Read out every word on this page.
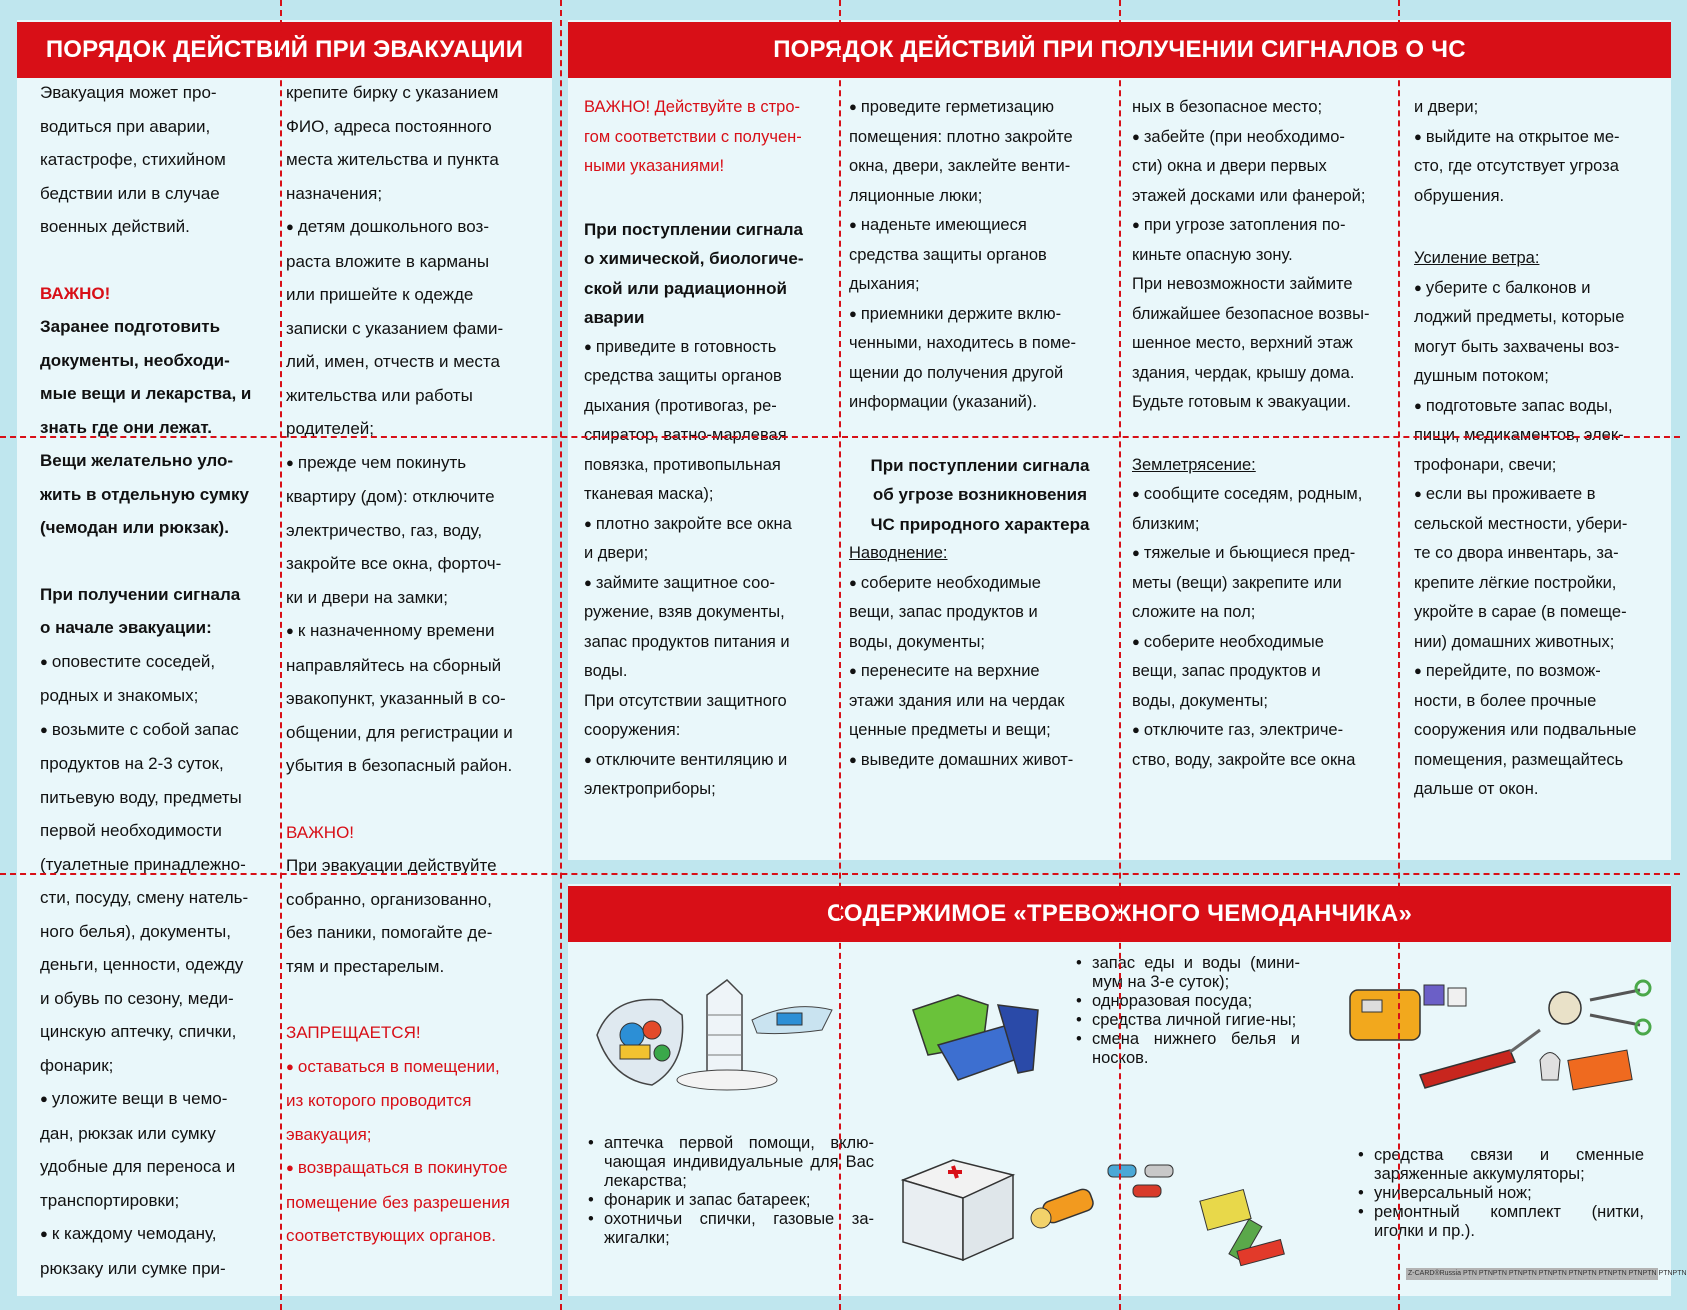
ПОРЯДОК ДЕЙСТВИЙ ПРИ ЭВАКУАЦИИ	ПОРЯДОК ДЕЙСТВИЙ ПРИ ПОЛУЧЕНИИ СИГНАЛОВ О ЧС
СОДЕРЖИМОЕ «ТРЕВОЖНОГО ЧЕМОДАНЧИКА»

Эвакуация может про-

водиться при аварии,

катастрофе, стихийном

бедствии или в случае

военных действий.

ВАЖНО!

Заранее подготовить

документы, необходи-

мые вещи и лекарства, и

знать где они лежат.

Вещи желательно уло-

жить в отдельную сумку

(чемодан или рюкзак).

При получении сигнала

о начале эвакуации:

● оповестите соседей,

родных и знакомых;

● возьмите с собой запас

продуктов на 2-3 суток,

питьевую воду, предметы

первой необходимости

(туалетные принадлежно-

сти, посуду, смену натель-

ного белья), документы,

деньги, ценности, одежду

и обувь по сезону, меди-

цинскую аптечку, спички,

фонарик;

● уложите вещи в чемо-

дан, рюкзак или сумку

удобные для переноса и

транспортировки;

● к каждому чемодану,

рюкзаку или сумке при-

крепите бирку с указанием

ФИО, адреса постоянного

места жительства и пункта

назначения;

● детям дошкольного воз-

раста вложите в карманы

или пришейте к одежде

записки с указанием фами-

лий, имен, отчеств и места

жительства или работы

родителей;

● прежде чем покинуть

квартиру (дом): отключите

электричество, газ, воду,

закройте все окна, форточ-

ки и двери на замки;

● к назначенному времени

направляйтесь на сборный

эвакопункт, указанный в со-

общении, для регистрации и

убытия в безопасный район.

ВАЖНО!

При эвакуации действуйте

собранно, организованно,

без паники, помогайте де-

тям и престарелым.

ЗАПРЕЩАЕТСЯ!

● оставаться в помещении,

из которого проводится

эвакуация;

● возвращаться в покинутое

помещение без разрешения

соответствующих органов.

ВАЖНО! Действуйте в стро-

гом соответствии с получен-

ными указаниями!

При поступлении сигнала

о химической, биологиче-

ской или радиационной

аварии

● приведите в готовность

средства защиты органов

дыхания (противогаз, ре-

спиратор, ватно-марлевая

повязка, противопыльная

тканевая маска);

● плотно закройте все окна

и двери;

● займите защитное соо-

ружение, взяв документы,

запас продуктов питания и

воды.

При отсутствии защитного

сооружения:

● отключите вентиляцию и

электроприборы;

● проведите герметизацию

помещения: плотно закройте

окна, двери, заклейте венти-

ляционные люки;

● наденьте имеющиеся

средства защиты органов

дыхания;

● приемники держите вклю-

ченными, находитесь в поме-

щении до получения другой

информации (указаний).

При поступлении сигнала

об угрозе возникновения

ЧС природного характера

Наводнение:

● соберите необходимые

вещи, запас продуктов и

воды, документы;

● перенесите на верхние

этажи здания или на чердак

ценные предметы и вещи;

● выведите домашних живот-

ных в безопасное место;

● забейте (при необходимо-

сти) окна и двери первых

этажей досками или фанерой;

● при угрозе затопления по-

киньте опасную зону.

При невозможности займите

ближайшее безопасное возвы-

шенное место, верхний этаж

здания, чердак, крышу дома.

Будьте готовым к эвакуации.

Землетрясение:

● сообщите соседям, родным,

близким;

● тяжелые и бьющиеся пред-

меты (вещи) закрепите или

сложите на пол;

● соберите необходимые

вещи, запас продуктов и

воды, документы;

● отключите газ, электриче-

ство, воду, закройте все окна

и двери;

● выйдите на открытое ме-

сто, где отсутствует угроза

обрушения.

Усиление ветра:

● уберите с балконов и

лоджий предметы, которые

могут быть захвачены воз-

душным потоком;

● подготовьте запас воды,

пищи, медикаментов, элек-

трофонари, свечи;

● если вы проживаете в

сельской местности, убери-

те со двора инвентарь, за-

крепите лёгкие постройки,

укройте в сарае (в помеще-

нии) домашних животных;

● перейдите, по возмож-

ности, в более прочные

сооружения или подвальные

помещения, размещайтесь

дальше от окон.

• запас еды и воды (мини-мум на 3-е суток);
• одноразовая посуда;
• средства личной гигие-ны;
• смена нижнего белья и носков.
• аптечка первой помощи, вклю-чающая индивидуальные для Вас лекарства;
• фонарик и запас батареек;
• охотничьи спички, газовые за-жигалки;
• средства связи и сменные заряженные аккумуляторы;
• универсальный нож;
• ремонтный комплект (нитки, иголки и пр.).
Z-CARD®Russia PTN PTNPTN PTNPTN PTNPTN PTNPTN PTNPTN PTNPTN PTNPTN
